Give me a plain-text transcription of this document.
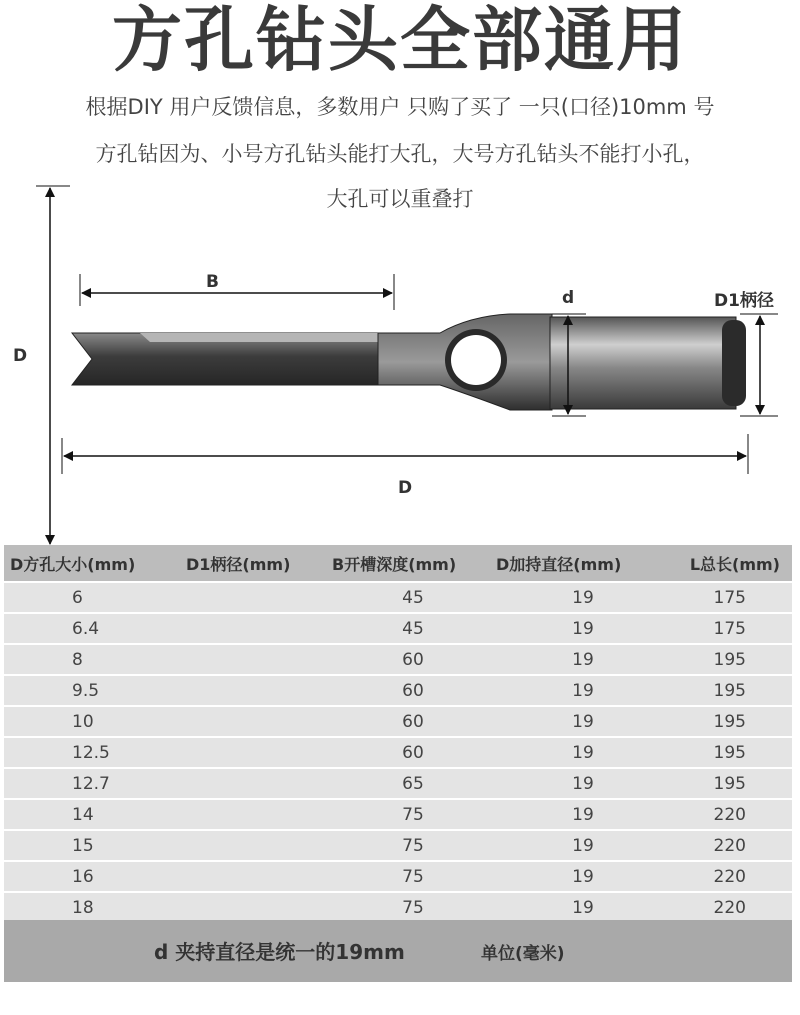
方孔钻头全部通用
根据DIY 用户反馈信息，多数用户 只购了买了 一只(口径)10mm 号
方孔钻因为、小号方孔钻头能打大孔，大号方孔钻头不能打小孔，
大孔可以重叠打
D
B
d	D1柄径
D
D方孔大小(mm)	D1柄径(mm)	B开槽深度(mm)	D加持直径(mm)	L总长(mm)
6		45	19	175
6.4		45	19	175
8		60	19	195
9.5		60	19	195
10		60	19	195
12.5		60	19	195
12.7		65	19	195
14		75	19	220
15		75	19	220
16		75	19	220
18		75	19	220
d 夹持直径是统一的19mm	单位(毫米)
